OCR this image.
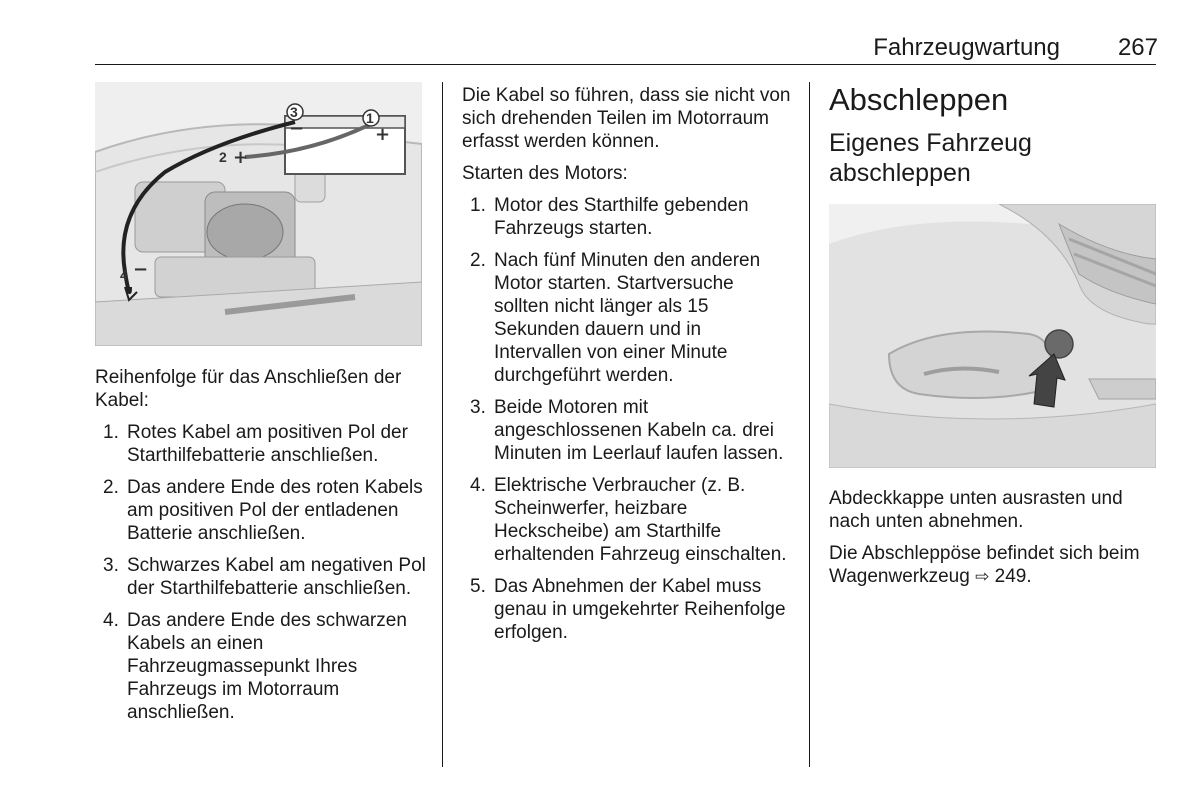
Fahrzeugwartung	267
3
−	1
+
2 +
4 −

Reihenfolge für das Anschließen der Kabel:

1. Rotes Kabel am positiven Pol der Starthilfebatterie anschließen.
2. Das andere Ende des roten Kabels am positiven Pol der entladenen Batterie anschließen.
3. Schwarzes Kabel am negativen Pol der Starthilfebatterie anschließen.
4. Das andere Ende des schwarzen Kabels an einen Fahrzeugmassepunkt Ihres Fahrzeugs im Motorraum anschließen.

Die Kabel so führen, dass sie nicht von sich drehenden Teilen im Motorraum erfasst werden können.

Starten des Motors:

1. Motor des Starthilfe gebenden Fahrzeugs starten.
2. Nach fünf Minuten den anderen Motor starten. Startversuche sollten nicht länger als 15 Sekunden dauern und in Intervallen von einer Minute durchgeführt werden.
3. Beide Motoren mit angeschlossenen Kabeln ca. drei Minuten im Leerlauf laufen lassen.
4. Elektrische Verbraucher (z. B. Scheinwerfer, heizbare Heckscheibe) am Starthilfe erhaltenden Fahrzeug einschalten.
5. Das Abnehmen der Kabel muss genau in umgekehrter Reihenfolge erfolgen.
Abschleppen
Eigenes Fahrzeug abschleppen

Abdeckkappe unten ausrasten und nach unten abnehmen.

Die Abschleppöse befindet sich beim Wagenwerkzeug ⇨ 249.
